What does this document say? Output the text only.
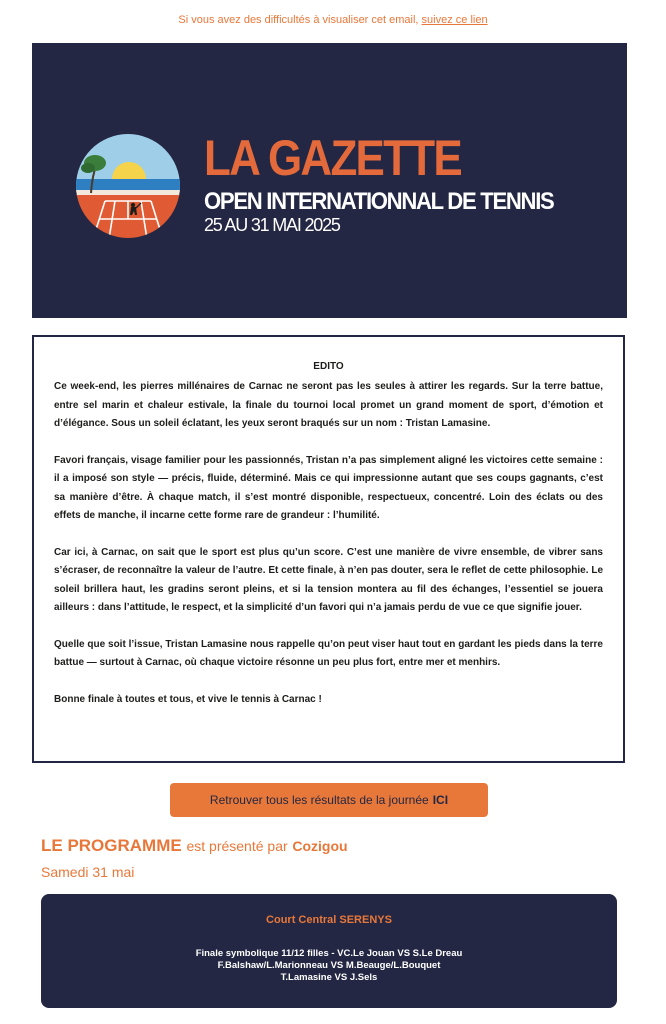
Si vous avez des difficultés à visualiser cet email, suivez ce lien
LA GAZETTE
OPEN INTERNATIONNAL DE TENNIS
25 AU 31 MAI 2025
EDITO

Ce week-end, les pierres millénaires de Carnac ne seront pas les seules à attirer les regards. Sur la terre battue, entre sel marin et chaleur estivale, la finale du tournoi local promet un grand moment de sport, d’émotion et d’élégance. Sous un soleil éclatant, les yeux seront braqués sur un nom : Tristan Lamasine.

Favori français, visage familier pour les passionnés, Tristan n’a pas simplement aligné les victoires cette semaine : il a imposé son style — précis, fluide, déterminé. Mais ce qui impressionne autant que ses coups gagnants, c’est sa manière d’être. À chaque match, il s’est montré disponible, respectueux, concentré. Loin des éclats ou des effets de manche, il incarne cette forme rare de grandeur : l’humilité.

Car ici, à Carnac, on sait que le sport est plus qu’un score. C’est une manière de vivre ensemble, de vibrer sans s’écraser, de reconnaître la valeur de l’autre. Et cette finale, à n’en pas douter, sera le reflet de cette philosophie. Le soleil brillera haut, les gradins seront pleins, et si la tension montera au fil des échanges, l’essentiel se jouera ailleurs : dans l’attitude, le respect, et la simplicité d’un favori qui n’a jamais perdu de vue ce que signifie jouer.

Quelle que soit l’issue, Tristan Lamasine nous rappelle qu’on peut viser haut tout en gardant les pieds dans la terre battue — surtout à Carnac, où chaque victoire résonne un peu plus fort, entre mer et menhirs.

Bonne finale à toutes et tous, et vive le tennis à Carnac !

Retrouver tous les résultats de la journée ICI
LE PROGRAMME est présenté par Cozigou
Samedi 31 mai
Court Central SERENYS
Finale symbolique 11/12 filles - VC.Le Jouan VS S.Le Dreau
F.Balshaw/L.Marionneau VS M.Beauge/L.Bouquet
T.Lamasine VS J.Sels
